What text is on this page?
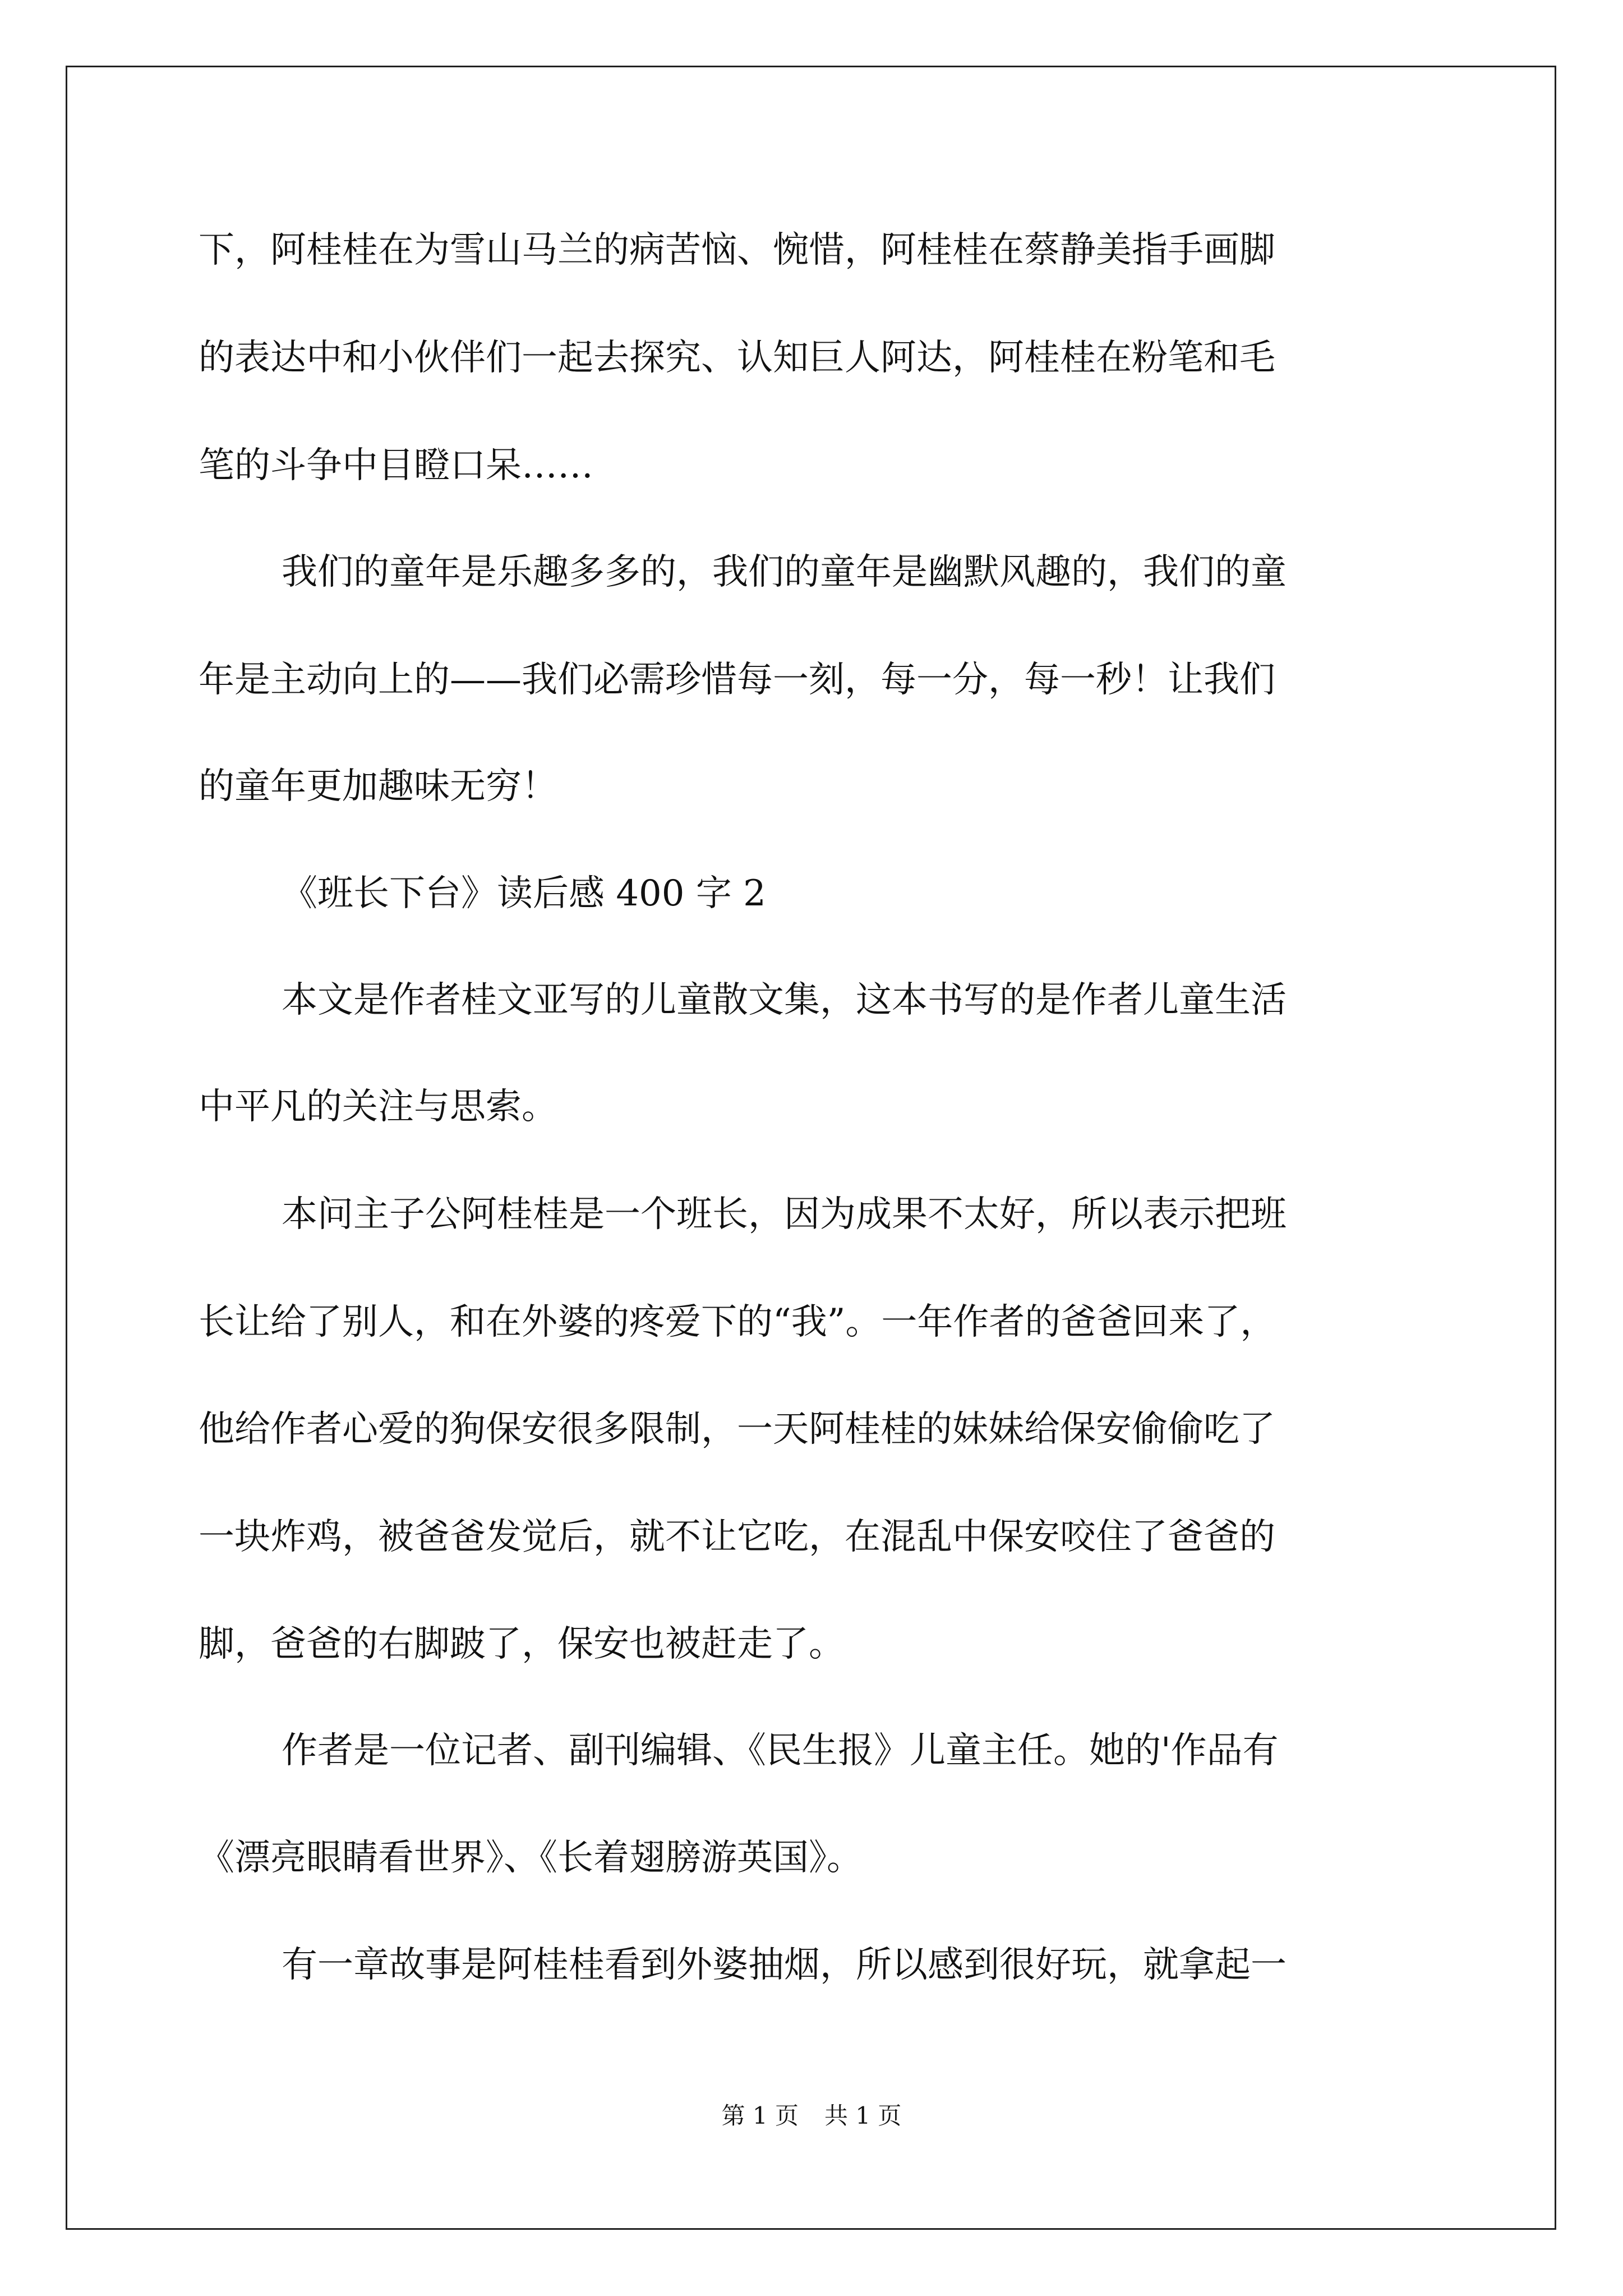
下，阿桂桂在为雪山马兰的病苦恼、惋惜，阿桂桂在蔡静美指手画脚
的表达中和小伙伴们一起去探究、认知巨人阿达，阿桂桂在粉笔和毛
笔的斗争中目瞪口呆……
我们的童年是乐趣多多的，我们的童年是幽默风趣的，我们的童
年是主动向上的——我们必需珍惜每一刻，每一分，每一秒！让我们
的童年更加趣味无穷！
《班长下台》读后感 400 字 2
本文是作者桂文亚写的儿童散文集，这本书写的是作者儿童生活
中平凡的关注与思索。
本问主子公阿桂桂是一个班长，因为成果不太好，所以表示把班
长让给了别人，和在外婆的疼爱下的“我”。一年作者的爸爸回来了，
他给作者心爱的狗保安很多限制，一天阿桂桂的妹妹给保安偷偷吃了
一块炸鸡，被爸爸发觉后，就不让它吃，在混乱中保安咬住了爸爸的
脚，爸爸的右脚跛了，保安也被赶走了。
作者是一位记者、副刊编辑、《民生报》儿童主任。她的'作品有
《漂亮眼睛看世界》、《长着翅膀游英国》。
有一章故事是阿桂桂看到外婆抽烟，所以感到很好玩，就拿起一
第 1 页 共 1 页
